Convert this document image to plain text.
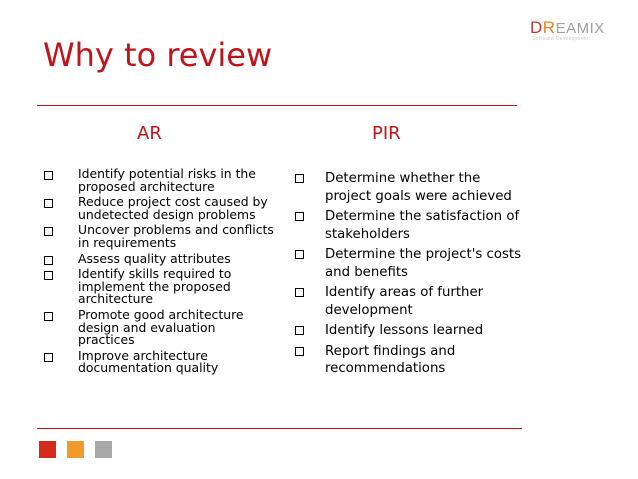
DREAMIX
Software Development
Why to review
AR	PIR
Identify potential risks in the proposed architecture
Reduce project cost caused by undetected design problems
Uncover problems and conflicts in requirements
Assess quality attributes
Identify skills required to implement the proposed architecture
Promote good architecture design and evaluation practices
Improve architecture documentation quality
Determine whether the project goals were achieved
Determine the satisfaction of stakeholders
Determine the project's costs and benefits
Identify areas of further development
Identify lessons learned
Report findings and recommendations
